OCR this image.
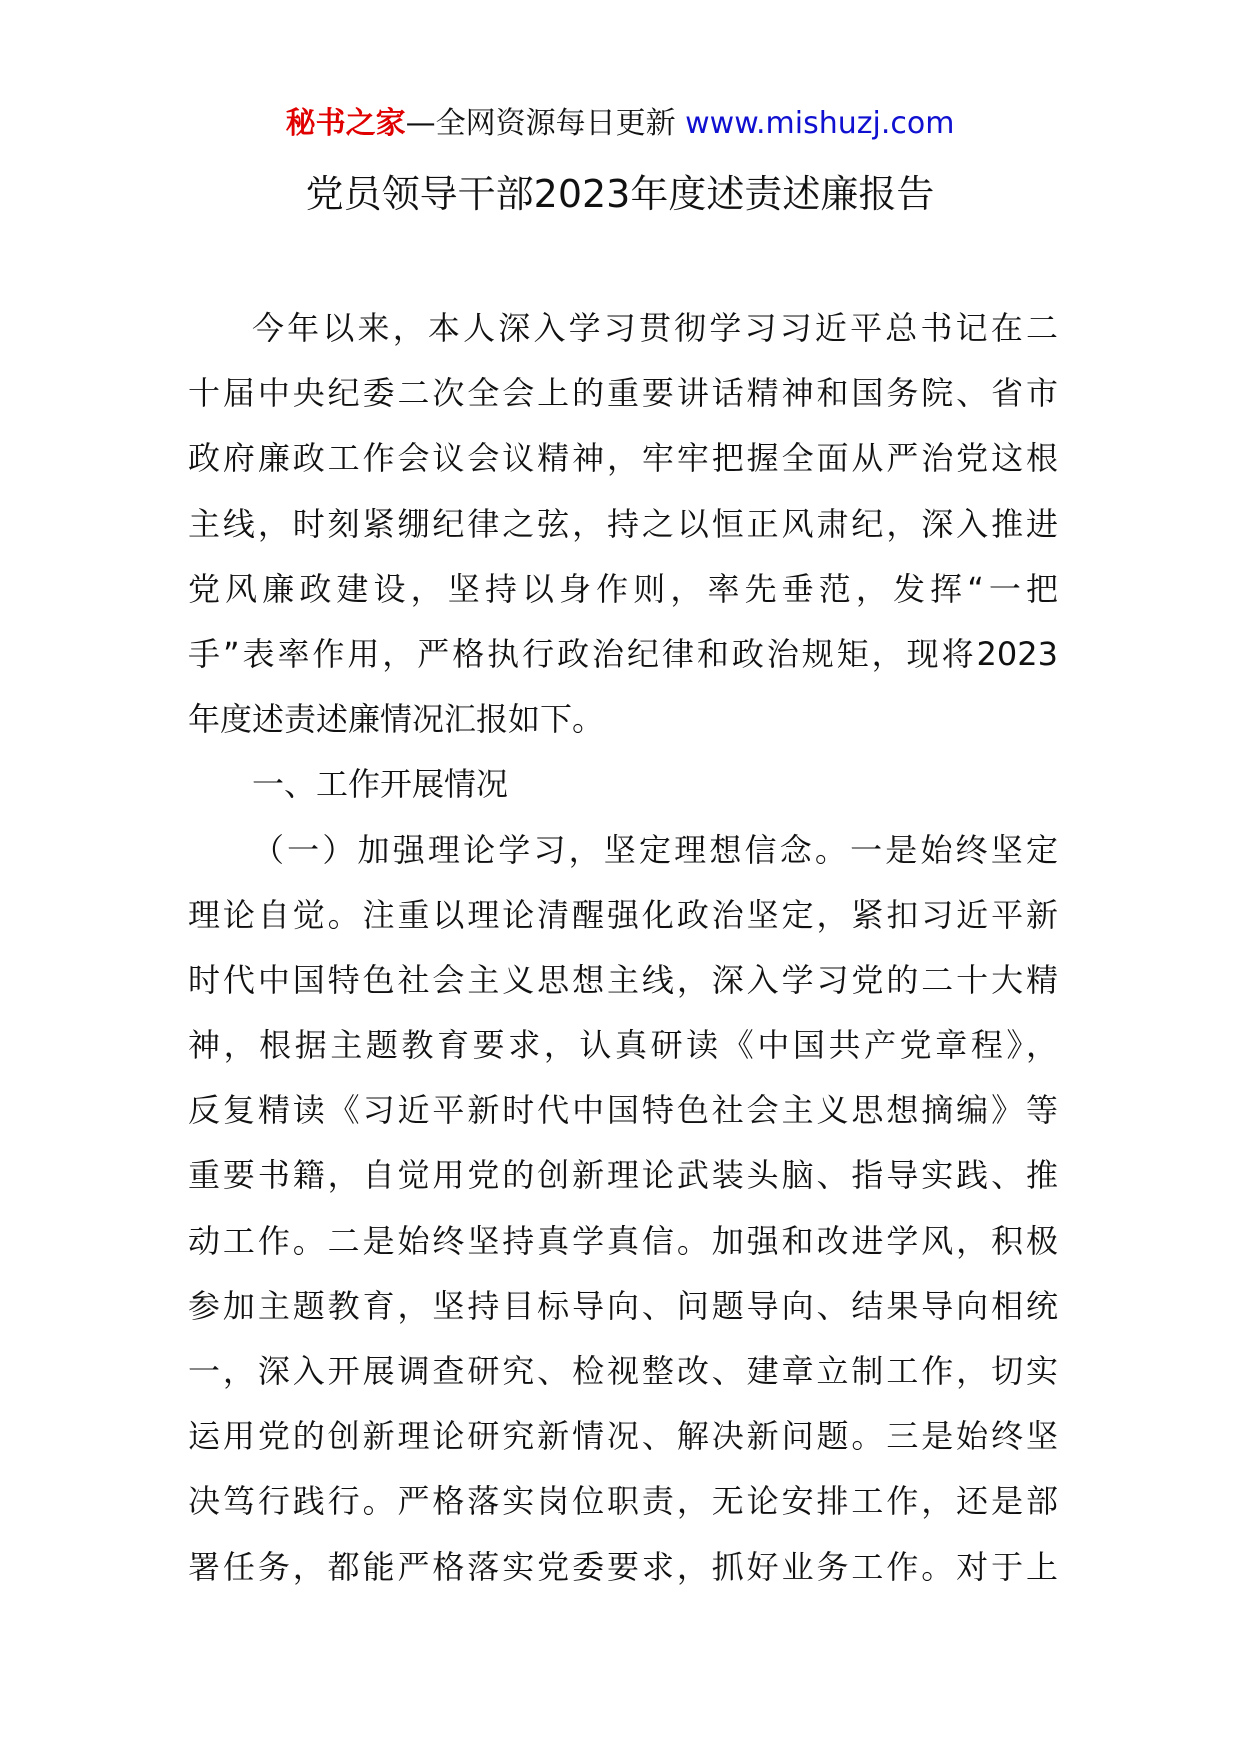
秘书之家—全网资源每日更新 www.mishuzj.com
党员领导干部2023年度述责述廉报告
今年以来，本人深入学习贯彻学习习近平总书记在二
十届中央纪委二次全会上的重要讲话精神和国务院、省市
政府廉政工作会议会议精神，牢牢把握全面从严治党这根
主线，时刻紧绷纪律之弦，持之以恒正风肃纪，深入推进
党风廉政建设，坚持以身作则，率先垂范，发挥“一把
手”表率作用，严格执行政治纪律和政治规矩，现将2023
年度述责述廉情况汇报如下。
一、工作开展情况
（一）加强理论学习，坚定理想信念。一是始终坚定
理论自觉。注重以理论清醒强化政治坚定，紧扣习近平新
时代中国特色社会主义思想主线，深入学习党的二十大精
神，根据主题教育要求，认真研读《中国共产党章程》，
反复精读《习近平新时代中国特色社会主义思想摘编》等
重要书籍，自觉用党的创新理论武装头脑、指导实践、推
动工作。二是始终坚持真学真信。加强和改进学风，积极
参加主题教育，坚持目标导向、问题导向、结果导向相统
一，深入开展调查研究、检视整改、建章立制工作，切实
运用党的创新理论研究新情况、解决新问题。三是始终坚
决笃行践行。严格落实岗位职责，无论安排工作，还是部
署任务，都能严格落实党委要求，抓好业务工作。对于上
